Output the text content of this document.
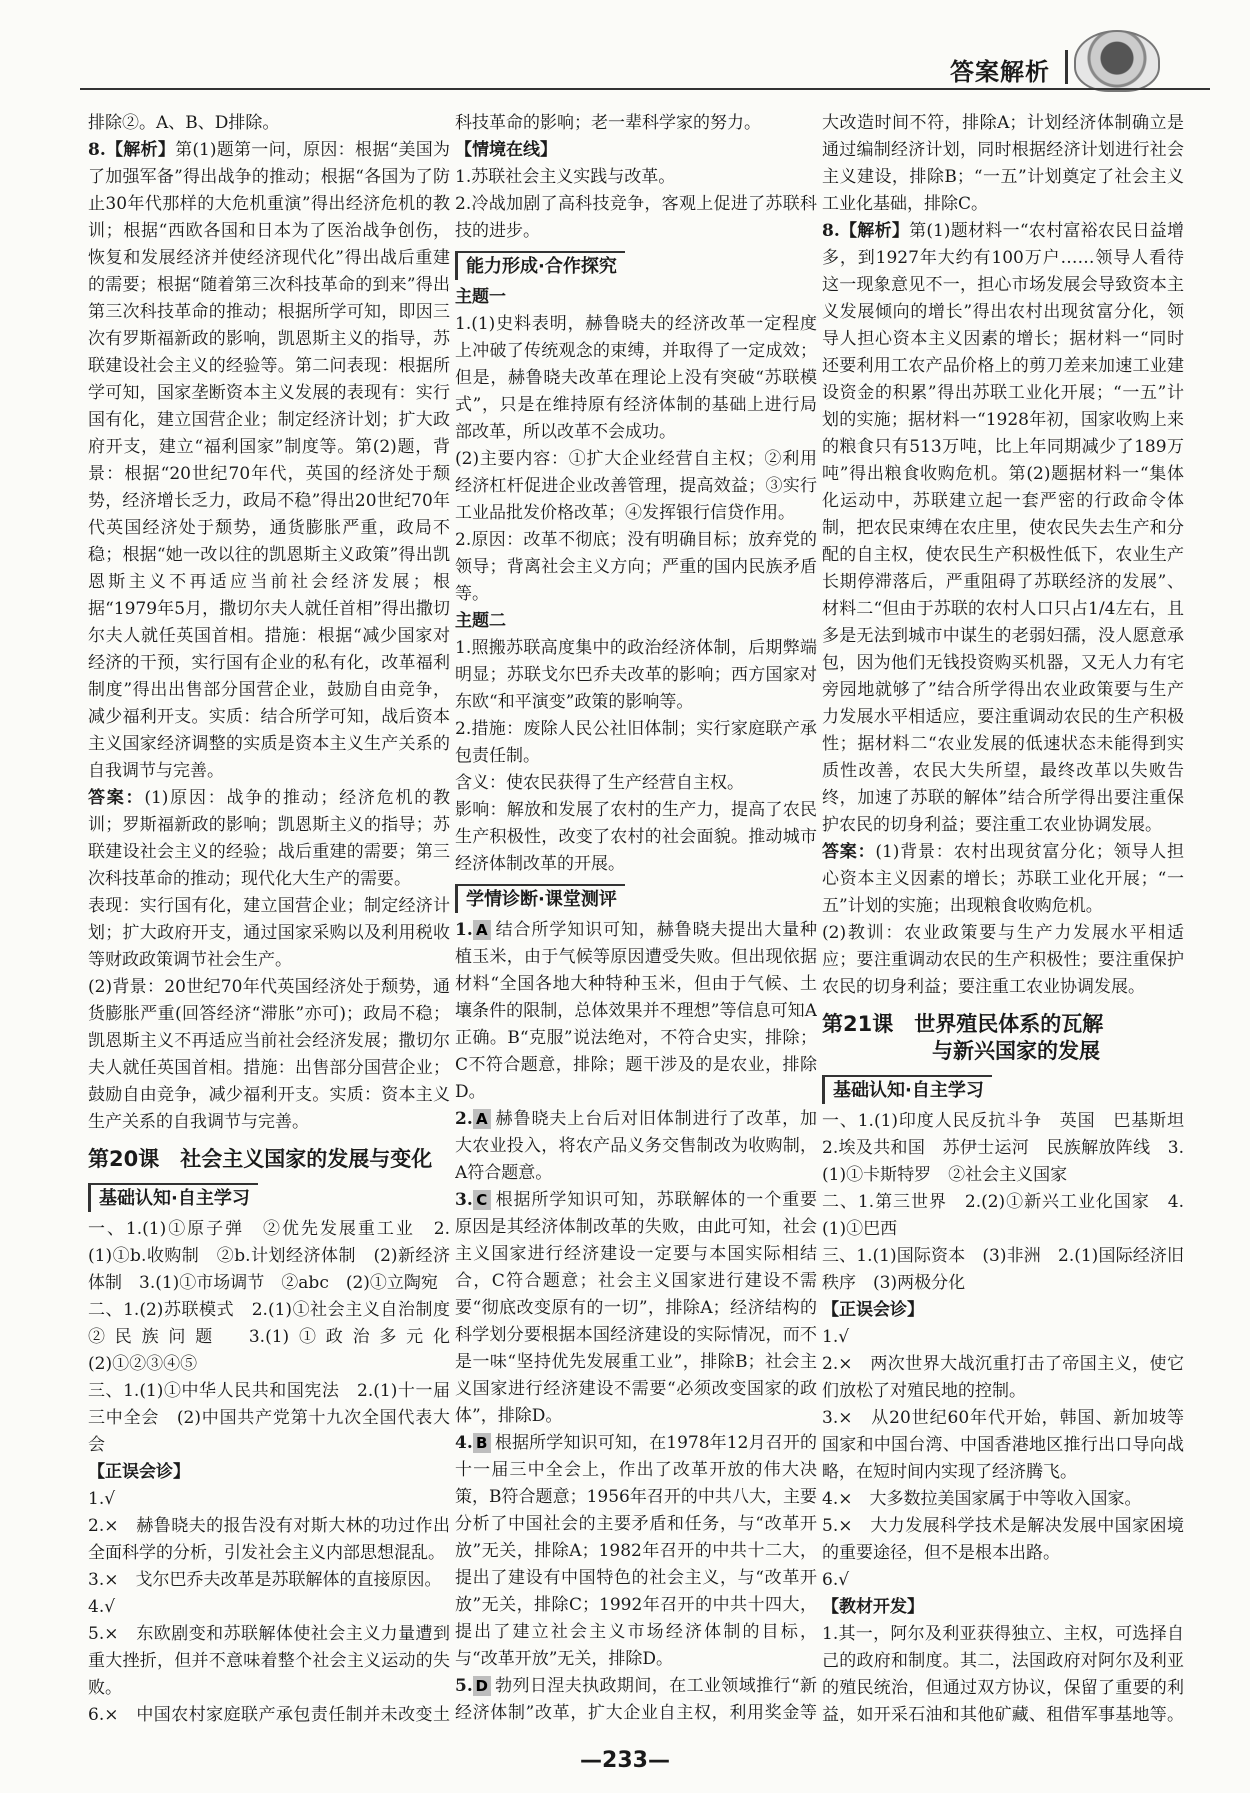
答案解析

排除②。A、B、D排除。

8.【解析】第(1)题第一问，原因：根据“美国为了加强军备”得出战争的推动；根据“各国为了防止30年代那样的大危机重演”得出经济危机的教训；根据“西欧各国和日本为了医治战争创伤，恢复和发展经济并使经济现代化”得出战后重建的需要；根据“随着第三次科技革命的到来”得出第三次科技革命的推动；根据所学可知，即因三次有罗斯福新政的影响，凯恩斯主义的指导，苏联建设社会主义的经验等。第二问表现：根据所学可知，国家垄断资本主义发展的表现有：实行国有化，建立国营企业；制定经济计划；扩大政府开支，建立“福利国家”制度等。第(2)题，背景：根据“20世纪70年代，英国的经济处于颓势，经济增长乏力，政局不稳”得出20世纪70年代英国经济处于颓势，通货膨胀严重，政局不稳；根据“她一改以往的凯恩斯主义政策”得出凯恩斯主义不再适应当前社会经济发展；根据“1979年5月，撒切尔夫人就任首相”得出撒切尔夫人就任英国首相。措施：根据“减少国家对经济的干预，实行国有企业的私有化，改革福利制度”得出出售部分国营企业，鼓励自由竞争，减少福利开支。实质：结合所学可知，战后资本主义国家经济调整的实质是资本主义生产关系的自我调节与完善。

答案：(1)原因：战争的推动；经济危机的教训；罗斯福新政的影响；凯恩斯主义的指导；苏联建设社会主义的经验；战后重建的需要；第三次科技革命的推动；现代化大生产的需要。

表现：实行国有化，建立国营企业；制定经济计划；扩大政府开支，通过国家采购以及利用税收等财政政策调节社会生产。

(2)背景：20世纪70年代英国经济处于颓势，通货膨胀严重(回答经济“滞胀”亦可)；政局不稳；凯恩斯主义不再适应当前社会经济发展；撒切尔夫人就任英国首相。措施：出售部分国营企业；鼓励自由竞争，减少福利开支。实质：资本主义生产关系的自我调节与完善。

第20课　社会主义国家的发展与变化
基础认知·自主学习

一、1.(1)①原子弹　②优先发展重工业　2.(1)①b.收购制　②b.计划经济体制　(2)新经济体制　3.(1)①市场调节　②abc　(2)①立陶宛

二、1.(2)苏联模式　2.(1)①社会主义自治制度　②民族问题　3.(1)①政治多元化　(2)①②③④⑤

三、1.(1)①中华人民共和国宪法　2.(1)十一届三中全会　(2)中国共产党第十九次全国代表大会

【正误会诊】

1.√

2.×　赫鲁晓夫的报告没有对斯大林的功过作出全面科学的分析，引发社会主义内部思想混乱。

3.×　戈尔巴乔夫改革是苏联解体的直接原因。

4.√

5.×　东欧剧变和苏联解体使社会主义力量遭到重大挫折，但并不意味着整个社会主义运动的失败。

6.×　中国农村家庭联产承包责任制并未改变土

科技革命的影响；老一辈科学家的努力。

【情境在线】

1.苏联社会主义实践与改革。

2.冷战加剧了高科技竞争，客观上促进了苏联科技的进步。

能力形成·合作探究
主题一

1.(1)史料表明，赫鲁晓夫的经济改革一定程度上冲破了传统观念的束缚，并取得了一定成效；但是，赫鲁晓夫改革在理论上没有突破“苏联模式”，只是在维持原有经济体制的基础上进行局部改革，所以改革不会成功。

(2)主要内容：①扩大企业经营自主权；②利用经济杠杆促进企业改善管理，提高效益；③实行工业品批发价格改革；④发挥银行信贷作用。

2.原因：改革不彻底；没有明确目标；放弃党的领导；背离社会主义方向；严重的国内民族矛盾等。

主题二

1.照搬苏联高度集中的政治经济体制，后期弊端明显；苏联戈尔巴乔夫改革的影响；西方国家对东欧“和平演变”政策的影响等。

2.措施：废除人民公社旧体制；实行家庭联产承包责任制。

含义：使农民获得了生产经营自主权。

影响：解放和发展了农村的生产力，提高了农民生产积极性，改变了农村的社会面貌。推动城市经济体制改革的开展。

学情诊断·课堂测评

1. A 结合所学知识可知，赫鲁晓夫提出大量种植玉米，由于气候等原因遭受失败。但出现依据材料“全国各地大种特种玉米，但由于气候、土壤条件的限制，总体效果并不理想”等信息可知A正确。B“克服”说法绝对，不符合史实，排除；C不符合题意，排除；题干涉及的是农业，排除D。

2. A 赫鲁晓夫上台后对旧体制进行了改革，加大农业投入，将农产品义务交售制改为收购制，A符合题意。

3. C 根据所学知识可知，苏联解体的一个重要原因是其经济体制改革的失败，由此可知，社会主义国家进行经济建设一定要与本国实际相结合，C符合题意；社会主义国家进行建设不需要“彻底改变原有的一切”，排除A；经济结构的科学划分要根据本国经济建设的实际情况，而不是一味“坚持优先发展重工业”，排除B；社会主义国家进行经济建设不需要“必须改变国家的政体”，排除D。

4. B 根据所学知识可知，在1978年12月召开的十一届三中全会上，作出了改革开放的伟大决策，B符合题意；1956年召开的中共八大，主要分析了中国社会的主要矛盾和任务，与“改革开放”无关，排除A；1982年召开的中共十二大，提出了建设有中国特色的社会主义，与“改革开放”无关，排除C；1992年召开的中共十四大，提出了建立社会主义市场经济体制的目标，与“改革开放”无关，排除D。

5. D 勃列日涅夫执政期间，在工业领域推行“新经济体制”改革，扩大企业自主权，利用奖金等

大改造时间不符，排除A；计划经济体制确立是通过编制经济计划，同时根据经济计划进行社会主义建设，排除B；“一五”计划奠定了社会主义工业化基础，排除C。

8.【解析】第(1)题材料一“农村富裕农民日益增多，到1927年大约有100万户……领导人看待这一现象意见不一，担心市场发展会导致资本主义发展倾向的增长”得出农村出现贫富分化，领导人担心资本主义因素的增长；据材料一“同时还要利用工农产品价格上的剪刀差来加速工业建设资金的积累”得出苏联工业化开展；“一五”计划的实施；据材料一“1928年初，国家收购上来的粮食只有513万吨，比上年同期减少了189万吨”得出粮食收购危机。第(2)题据材料一“集体化运动中，苏联建立起一套严密的行政命令体制，把农民束缚在农庄里，使农民失去生产和分配的自主权，使农民生产积极性低下，农业生产长期停滞落后，严重阻碍了苏联经济的发展”、材料二“但由于苏联的农村人口只占1/4左右，且多是无法到城市中谋生的老弱妇孺，没人愿意承包，因为他们无钱投资购买机器，又无人力有宅旁园地就够了”结合所学得出农业政策要与生产力发展水平相适应，要注重调动农民的生产积极性；据材料二“农业发展的低速状态未能得到实质性改善，农民大失所望，最终改革以失败告终，加速了苏联的解体”结合所学得出要注重保护农民的切身利益；要注重工农业协调发展。

答案：(1)背景：农村出现贫富分化；领导人担心资本主义因素的增长；苏联工业化开展；“一五”计划的实施；出现粮食收购危机。

(2)教训：农业政策要与生产力发展水平相适应；要注重调动农民的生产积极性；要注重保护农民的切身利益；要注重工农业协调发展。

第21课　世界殖民体系的瓦解
与新兴国家的发展
基础认知·自主学习

一、1.(1)印度人民反抗斗争　英国　巴基斯坦　2.埃及共和国　苏伊士运河　民族解放阵线　3.(1)①卡斯特罗　②社会主义国家

二、1.第三世界　2.(2)①新兴工业化国家　4.(1)①巴西

三、1.(1)国际资本　(3)非洲　2.(1)国际经济旧秩序　(3)两极分化

【正误会诊】

1.√

2.×　两次世界大战沉重打击了帝国主义，使它们放松了对殖民地的控制。

3.×　从20世纪60年代开始，韩国、新加坡等国家和中国台湾、中国香港地区推行出口导向战略，在短时间内实现了经济腾飞。

4.×　大多数拉美国家属于中等收入国家。

5.×　大力发展科学技术是解决发展中国家困境的重要途径，但不是根本出路。

6.√

【教材开发】

1.其一，阿尔及利亚获得独立、主权，可选择自己的政府和制度。其二，法国政府对阿尔及利亚的殖民统治，但通过双方协议，保留了重要的利益，如开采石油和其他矿藏、租借军事基地等。

—233—
